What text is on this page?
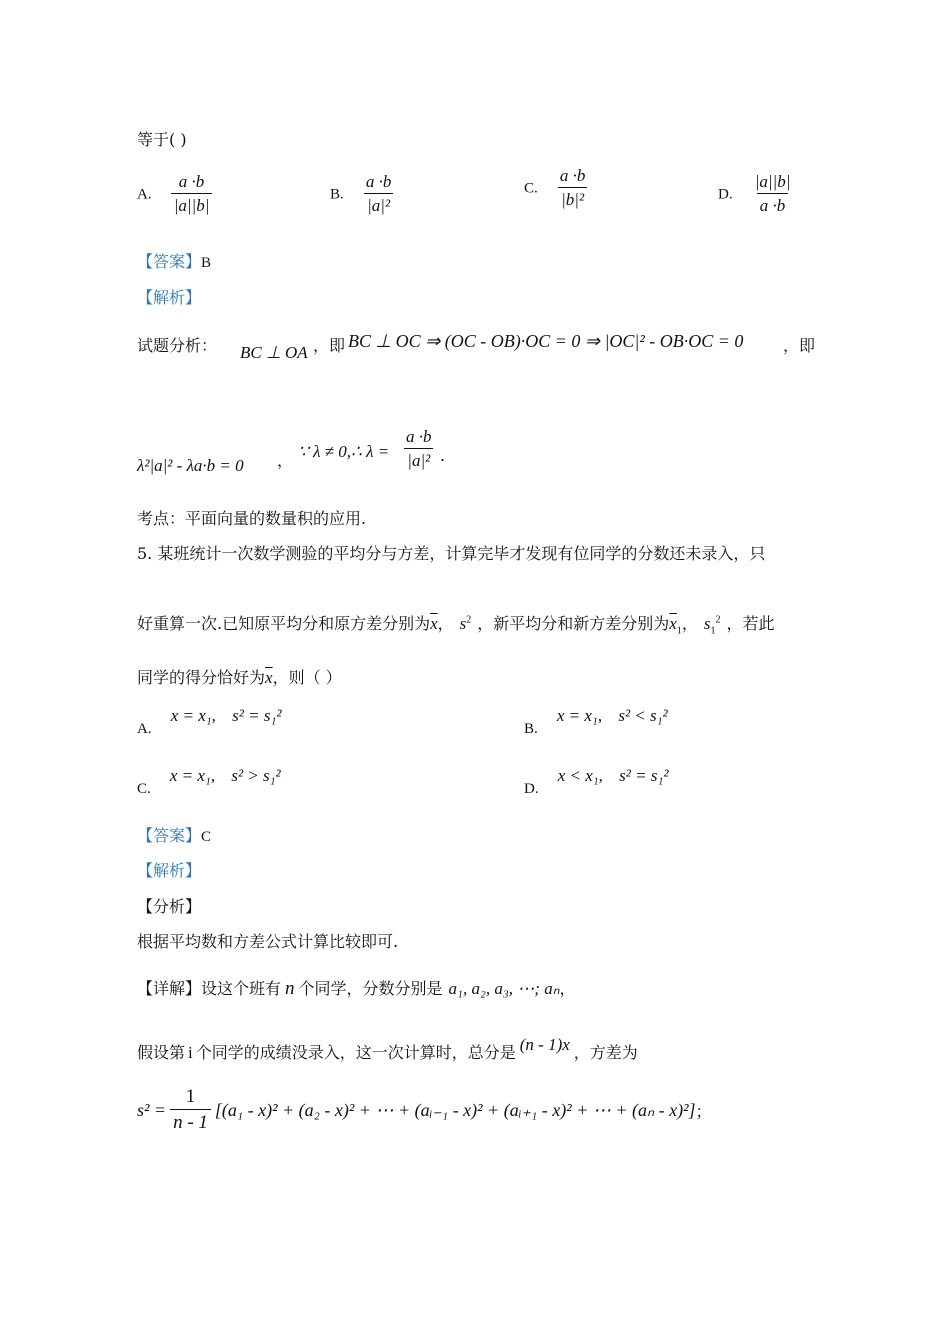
等于( )
A. $\frac{a \cdot b}{|a||b|}$	B. $\frac{a \cdot b}{\text{|a|²}}$	C. $\frac{a \cdot b}{\text{|b|²}}$	D. $\frac{|a||b|}{a \cdot b}$
【答案】B
【解析】
试题分析： BC ⊥ OA ，即 BC ⊥ OC ⇒ (OC - OB)·OC = 0 ⇒ |OC|² - OB·OC = 0 ，即
λ²|a|² - λa·b = 0 ， ∵ λ ≠ 0,∴ $\lambda = \frac{a \cdot b}{\text{|a|²}}$ .
考点：平面向量的数量积的应用.
5. 某班统计一次数学测验的平均分与方差，计算完毕才发现有位同学的分数还未录入，只
好重算一次.已知原平均分和原方差分别为$\overline{x}$， $s^2$ ，新平均分和新方差分别为$\overline{x}_1$， $s_1^2$ ，若此
同学的得分恰好为$\overline{x}$，则（ ）
A. x = x₁, s² = s₁²
B. x = x₁, s² < s₁²
C. x = x₁, s² > s₁²
D. x < x₁, s² = s₁²
【答案】C
【解析】
【分析】
根据平均数和方差公式计算比较即可.
【详解】设这个班有 n 个同学，分数分别是 a₁, a₂, a₃, ⋯; aₙ，
假设第 i 个同学的成绩没录入，这一次计算时，总分是 (n - 1)x ，方差为
$s^2 = \frac{1}{n - 1} [(a_1 - x)^2 + (a_2 - x)^2$ + ⋯ + (aᵢ₋₁ - x)² + (aᵢ₊₁ - x)² + ⋯ + (aₙ - x)²] ；
